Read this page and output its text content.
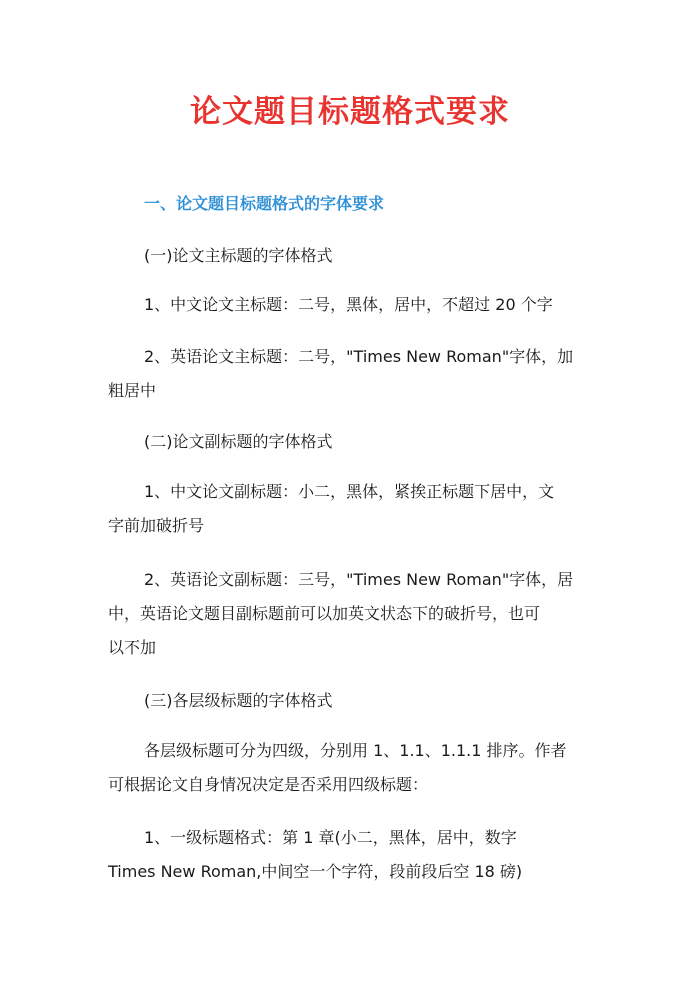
论文题目标题格式要求
一、论文题目标题格式的字体要求

(一)论文主标题的字体格式

1、中文论文主标题：二号，黑体，居中，不超过 20 个字

2、英语论文主标题：二号，"Times New Roman"字体，加
粗居中

(二)论文副标题的字体格式

1、中文论文副标题：小二，黑体，紧挨正标题下居中，文
字前加破折号

2、英语论文副标题：三号，"Times New Roman"字体，居
中，英语论文题目副标题前可以加英文状态下的破折号，也可
以不加

(三)各层级标题的字体格式

各层级标题可分为四级，分别用 1、1.1、1.1.1 排序。作者
可根据论文自身情况决定是否采用四级标题：

1、一级标题格式：第 1 章(小二，黑体，居中，数字
Times New Roman,中间空一个字符，段前段后空 18 磅)
